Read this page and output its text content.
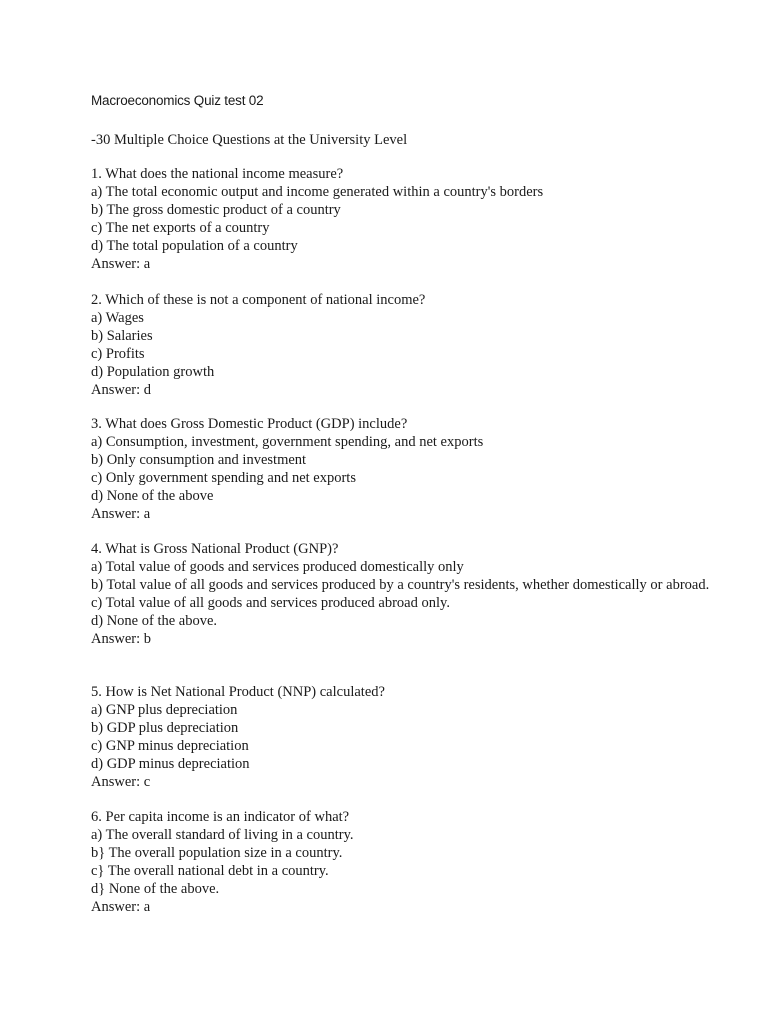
Macroeconomics Quiz test 02
-30 Multiple Choice Questions at the University Level
1. What does the national income measure?
a) The total economic output and income generated within a country's borders
b) The gross domestic product of a country
c) The net exports of a country
d) The total population of a country
Answer: a
2. Which of these is not a component of national income?
a) Wages
b) Salaries
c) Profits
d) Population growth
Answer: d
3. What does Gross Domestic Product (GDP) include?
a) Consumption, investment, government spending, and net exports
b) Only consumption and investment
c) Only government spending and net exports
d) None of the above
Answer: a
4. What is Gross National Product (GNP)?
a) Total value of goods and services produced domestically only
b) Total value of all goods and services produced by a country's residents, whether domestically or abroad.
c) Total value of all goods and services produced abroad only.
d) None of the above.
Answer: b
5. How is Net National Product (NNP) calculated?
a) GNP plus depreciation
b) GDP plus depreciation
c) GNP minus depreciation
d) GDP minus depreciation
Answer: c
6. Per capita income is an indicator of what?
a) The overall standard of living in a country.
b} The overall population size in a country.
c} The overall national debt in a country.
d} None of the above.
Answer: a
